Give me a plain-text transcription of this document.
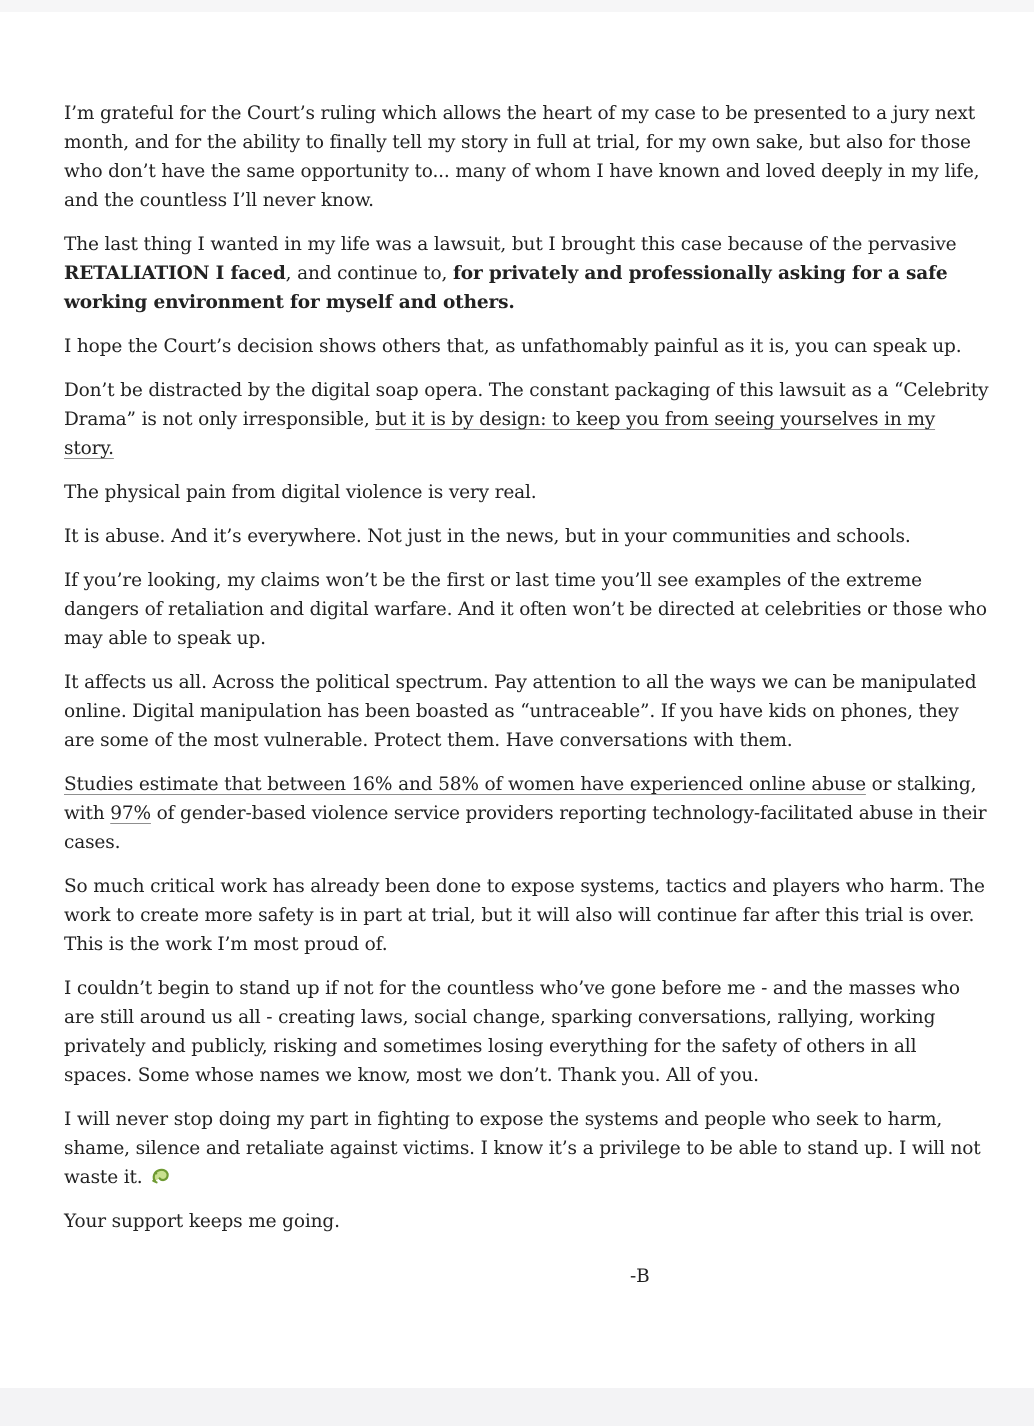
I’m grateful for the Court’s ruling which allows the heart of my case to be presented to a jury next month, and for the ability to finally tell my story in full at trial, for my own sake, but also for those who don’t have the same opportunity to... many of whom I have known and loved deeply in my life, and the countless I’ll never know.

The last thing I wanted in my life was a lawsuit, but I brought this case because of the pervasive RETALIATION I faced, and continue to, for privately and professionally asking for a safe working environment for myself and others.

I hope the Court’s decision shows others that, as unfathomably painful as it is, you can speak up.

Don’t be distracted by the digital soap opera. The constant packaging of this lawsuit as a “Celebrity Drama” is not only irresponsible, but it is by design: to keep you from seeing yourselves in my story.

The physical pain from digital violence is very real.

It is abuse. And it’s everywhere. Not just in the news, but in your communities and schools.

If you’re looking, my claims won’t be the first or last time you’ll see examples of the extreme dangers of retaliation and digital warfare. And it often won’t be directed at celebrities or those who may able to speak up.

It affects us all. Across the political spectrum. Pay attention to all the ways we can be manipulated online. Digital manipulation has been boasted as “untraceable”. If you have kids on phones, they are some of the most vulnerable. Protect them. Have conversations with them.

Studies estimate that between 16% and 58% of women have experienced online abuse or stalking, with 97% of gender-based violence service providers reporting technology-facilitated abuse in their cases.

So much critical work has already been done to expose systems, tactics and players who harm. The work to create more safety is in part at trial, but it will also will continue far after this trial is over. This is the work I’m most proud of.

I couldn’t begin to stand up if not for the countless who’ve gone before me - and the masses who are still around us all - creating laws, social change, sparking conversations, rallying, working privately and publicly, risking and sometimes losing everything for the safety of others in all spaces. Some whose names we know, most we don’t. Thank you. All of you.

I will never stop doing my part in fighting to expose the systems and people who seek to harm, shame, silence and retaliate against victims. I know it’s a privilege to be able to stand up. I will not waste it.

Your support keeps me going.

-B
